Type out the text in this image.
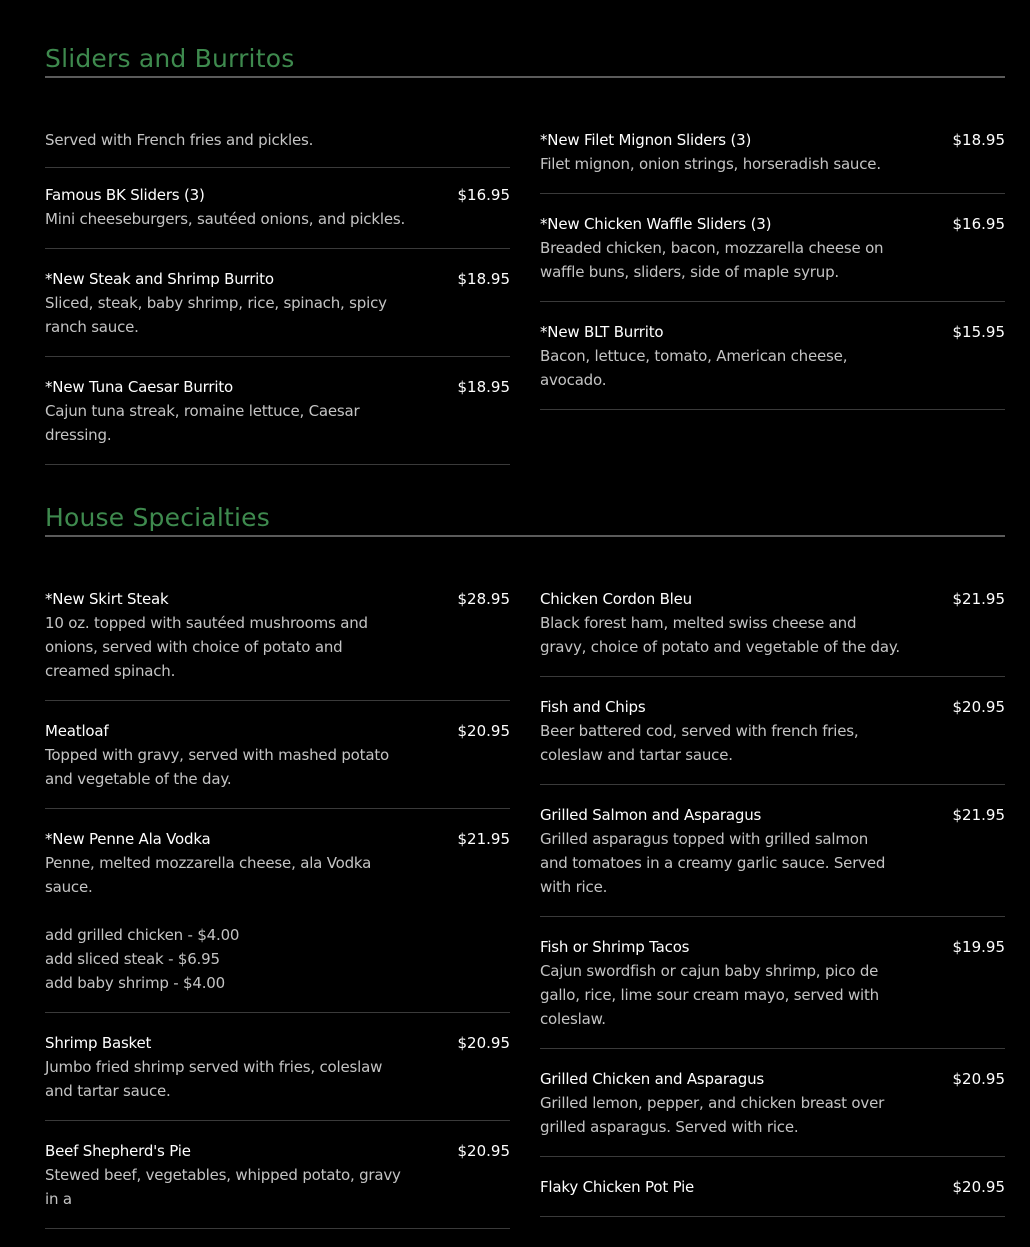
Sliders and Burritos
Served with French fries and pickles.
Famous BK Sliders (3)	$16.95
Mini cheeseburgers, sautéed onions, and pickles.
*New Steak and Shrimp Burrito	$18.95
Sliced, steak, baby shrimp, rice, spinach, spicy ranch sauce.
*New Tuna Caesar Burrito	$18.95
Cajun tuna streak, romaine lettuce, Caesar dressing.
*New Filet Mignon Sliders (3)	$18.95
Filet mignon, onion strings, horseradish sauce.
*New Chicken Waffle Sliders (3)	$16.95
Breaded chicken, bacon, mozzarella cheese on waffle buns, sliders, side of maple syrup.
*New BLT Burrito	$15.95
Bacon, lettuce, tomato, American cheese, avocado.
House Specialties
*New Skirt Steak	$28.95
10 oz. topped with sautéed mushrooms and onions, served with choice of potato and creamed spinach.
Meatloaf	$20.95
Topped with gravy, served with mashed potato and vegetable of the day.
*New Penne Ala Vodka	$21.95
Penne, melted mozzarella cheese, ala Vodka sauce.
add grilled chicken - $4.00
add sliced steak - $6.95
add baby shrimp - $4.00
Shrimp Basket	$20.95
Jumbo fried shrimp served with fries, coleslaw and tartar sauce.
Beef Shepherd's Pie	$20.95
Stewed beef, vegetables, whipped potato, gravy in a
Chicken Cordon Bleu	$21.95
Black forest ham, melted swiss cheese and gravy, choice of potato and vegetable of the day.
Fish and Chips	$20.95
Beer battered cod, served with french fries, coleslaw and tartar sauce.
Grilled Salmon and Asparagus	$21.95
Grilled asparagus topped with grilled salmon and tomatoes in a creamy garlic sauce. Served with rice.
Fish or Shrimp Tacos	$19.95
Cajun swordfish or cajun baby shrimp, pico de gallo, rice, lime sour cream mayo, served with coleslaw.
Grilled Chicken and Asparagus	$20.95
Grilled lemon, pepper, and chicken breast over grilled asparagus. Served with rice.
Flaky Chicken Pot Pie	$20.95
